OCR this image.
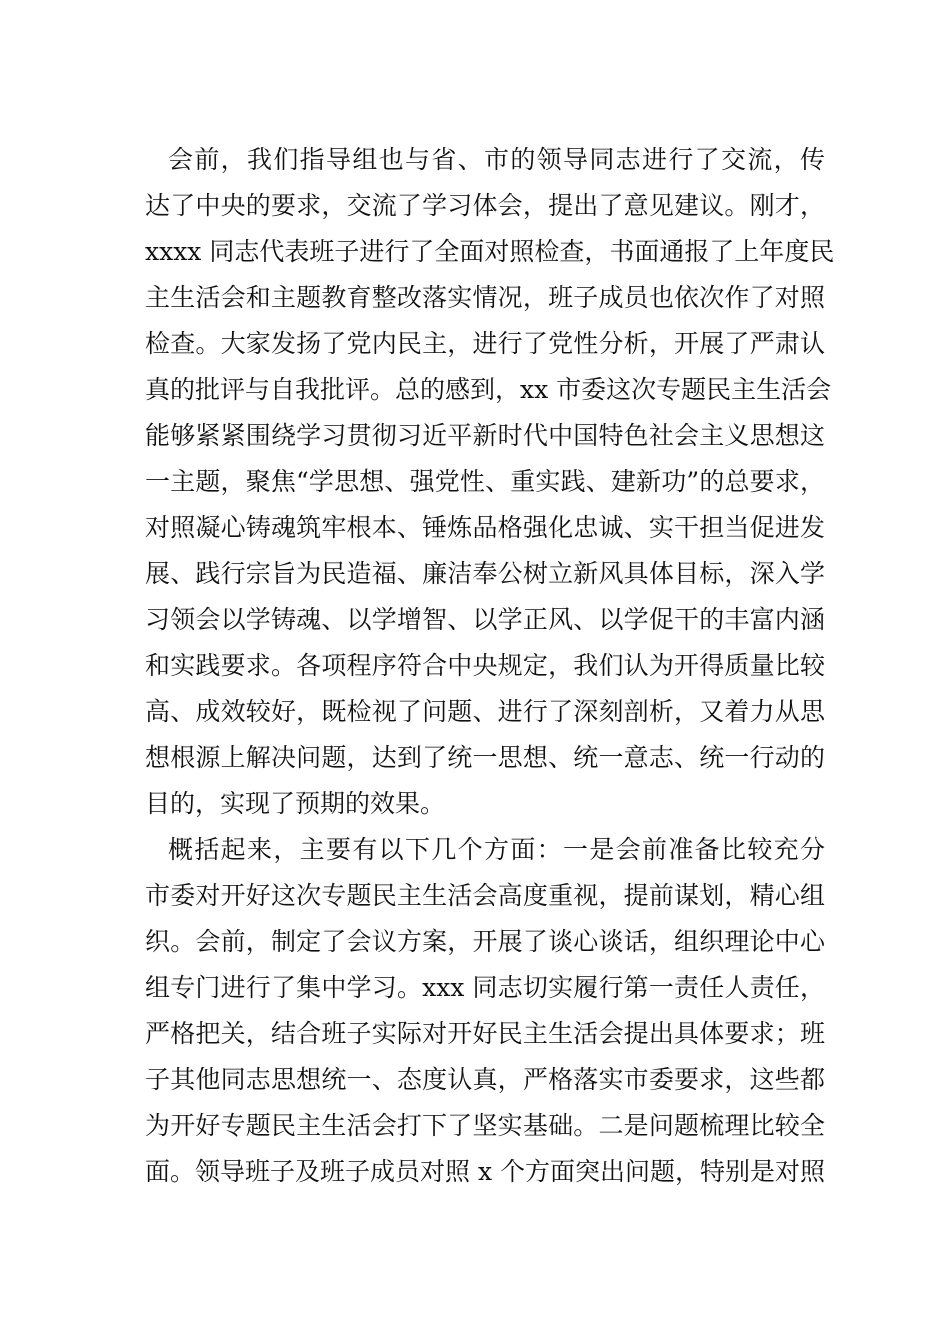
会前，我们指导组也与省、市的领导同志进行了交流，传
达了中央的要求，交流了学习体会，提出了意见建议。刚才，
xxxx 同志代表班子进行了全面对照检查，书面通报了上年度民
主生活会和主题教育整改落实情况，班子成员也依次作了对照
检查。大家发扬了党内民主，进行了党性分析，开展了严肃认
真的批评与自我批评。总的感到，xx 市委这次专题民主生活会
能够紧紧围绕学习贯彻习近平新时代中国特色社会主义思想这
一主题，聚焦“学思想、强党性、重实践、建新功”的总要求，
对照凝心铸魂筑牢根本、锤炼品格强化忠诚、实干担当促进发
展、践行宗旨为民造福、廉洁奉公树立新风具体目标，深入学
习领会以学铸魂、以学增智、以学正风、以学促干的丰富内涵
和实践要求。各项程序符合中央规定，我们认为开得质量比较
高、成效较好，既检视了问题、进行了深刻剖析，又着力从思
想根源上解决问题，达到了统一思想、统一意志、统一行动的
目的，实现了预期的效果。
概括起来，主要有以下几个方面：一是会前准备比较充分
市委对开好这次专题民主生活会高度重视，提前谋划，精心组
织。会前，制定了会议方案，开展了谈心谈话，组织理论中心
组专门进行了集中学习。xxx 同志切实履行第一责任人责任，
严格把关，结合班子实际对开好民主生活会提出具体要求；班
子其他同志思想统一、态度认真，严格落实市委要求，这些都
为开好专题民主生活会打下了坚实基础。二是问题梳理比较全
面。领导班子及班子成员对照 x 个方面突出问题，特别是对照
